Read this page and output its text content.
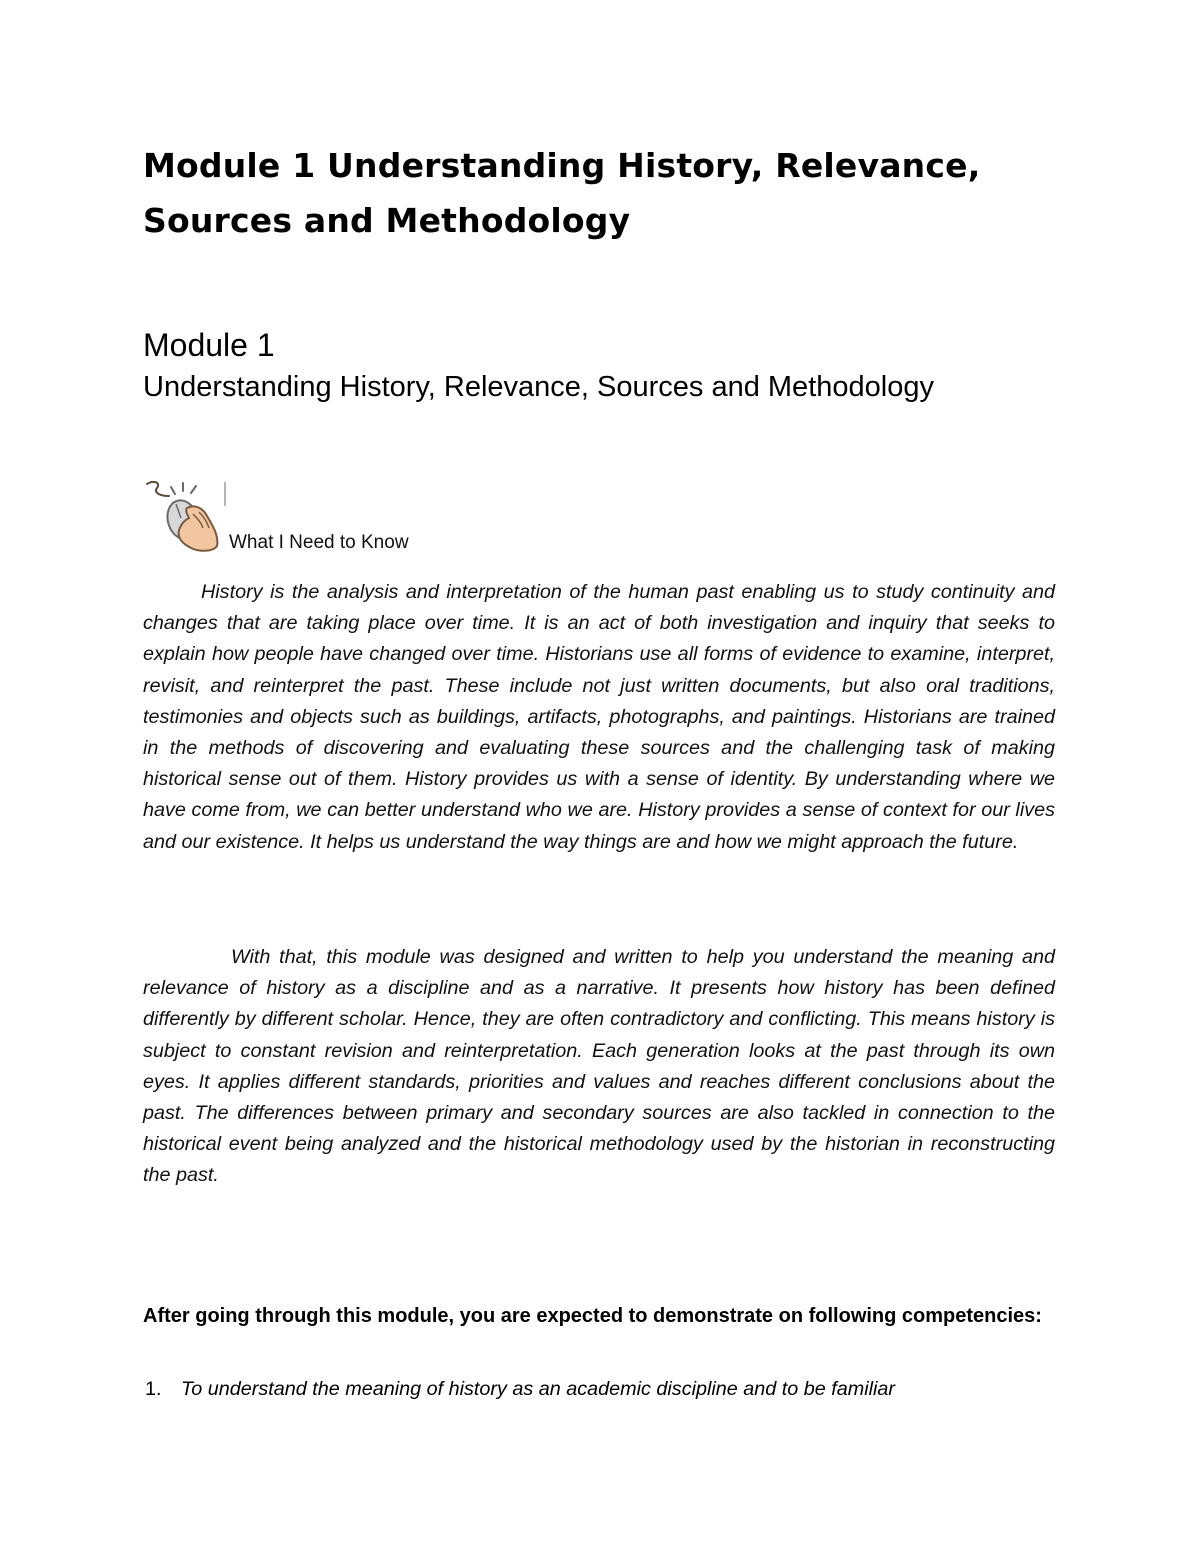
Module 1 Understanding History, Relevance, Sources and Methodology
Module 1
Understanding History, Relevance, Sources and Methodology
What I Need to Know

History is the analysis and interpretation of the human past enabling us to study continuity and changes that are taking place over time. It is an act of both investigation and inquiry that seeks to explain how people have changed over time. Historians use all forms of evidence to examine, interpret, revisit, and reinterpret the past. These include not just written documents, but also oral traditions, testimonies and objects such as buildings, artifacts, photographs, and paintings. Historians are trained in the methods of discovering and evaluating these sources and the challenging task of making historical sense out of them. History provides us with a sense of identity. By understanding where we have come from, we can better understand who we are. History provides a sense of context for our lives and our existence. It helps us understand the way things are and how we might approach the future.

With that, this module was designed and written to help you understand the meaning and relevance of history as a discipline and as a narrative. It presents how history has been defined differently by different scholar. Hence, they are often contradictory and conflicting. This means history is subject to constant revision and reinterpretation. Each generation looks at the past through its own eyes. It applies different standards, priorities and values and reaches different conclusions about the past. The differences between primary and secondary sources are also tackled in connection to the historical event being analyzed and the historical methodology used by the historian in reconstructing the past.

After going through this module, you are expected to demonstrate on following competencies:

1. To understand the meaning of history as an academic discipline and to be familiar
